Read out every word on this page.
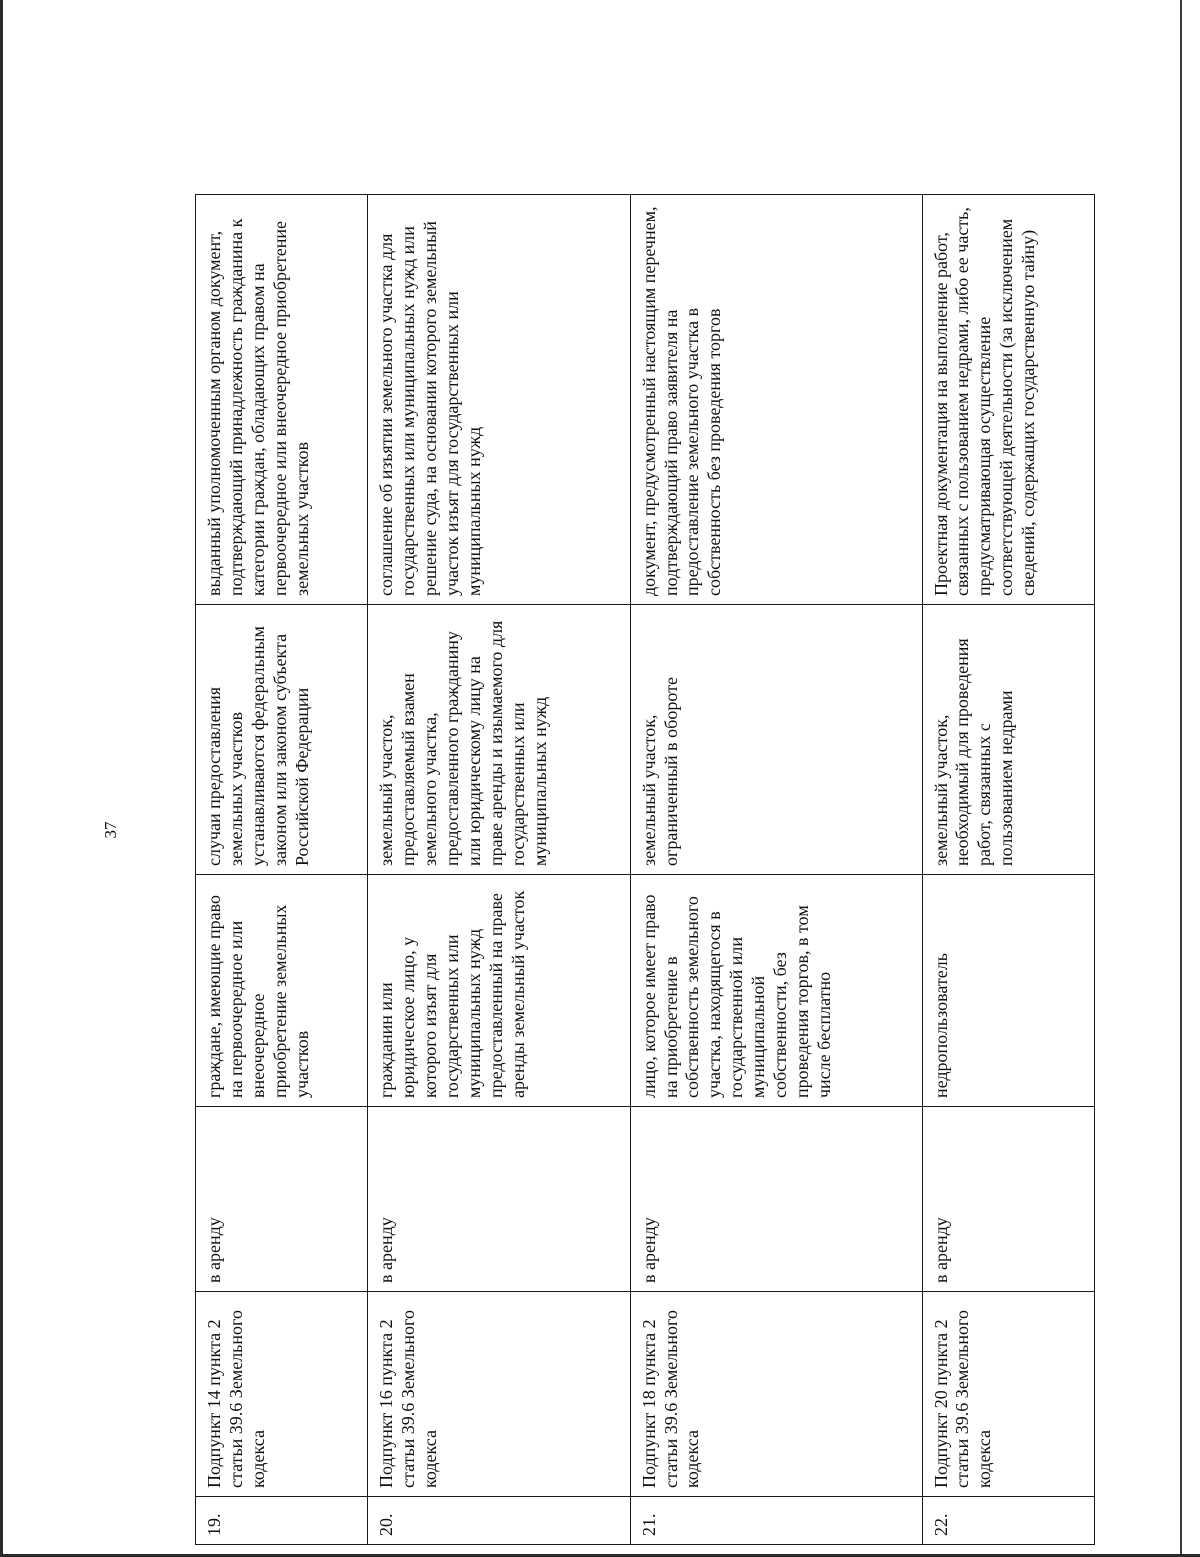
37
19.	Подпункт 14 пункта 2 статьи 39.6 Земельного кодекса	в аренду	граждане, имеющие право на первоочередное или внеочередное приобретение земельных участков	случаи предоставления земельных участков устанавливаются федеральным законом или законом субъекта Российской Федерации	выданный уполномоченным органом документ, подтверждающий принадлежность гражданина к категории граждан, обладающих правом на первоочередное или внеочередное приобретение земельных участков
20.	Подпункт 16 пункта 2 статьи 39.6 Земельного кодекса	в аренду	гражданин или юридическое лицо, у которого изъят для государственных или муниципальных нужд предоставленный на праве аренды земельный участок	земельный участок, предоставляемый взамен земельного участка, предоставленного гражданину или юридическому лицу на праве аренды и изымаемого для государственных или муниципальных нужд	соглашение об изъятии земельного участка для государственных или муниципальных нужд или решение суда, на основании которого земельный участок изъят для государственных или муниципальных нужд
21.	Подпункт 18 пункта 2 статьи 39.6 Земельного кодекса	в аренду	лицо, которое имеет право на приобретение в собственность земельного участка, находящегося в государственной или муниципальной собственности, без проведения торгов, в том числе бесплатно	земельный участок, ограниченный в обороте	документ, предусмотренный настоящим перечнем, подтверждающий право заявителя на предоставление земельного участка в собственность без проведения торгов
22.	Подпункт 20 пункта 2 статьи 39.6 Земельного кодекса	в аренду	недропользователь	земельный участок, необходимый для проведения работ, связанных с пользованием недрами	Проектная документация на выполнение работ, связанных с пользованием недрами, либо ее часть, предусматривающая осуществление соответствующей деятельности (за исключением сведений, содержащих государственную тайну)
